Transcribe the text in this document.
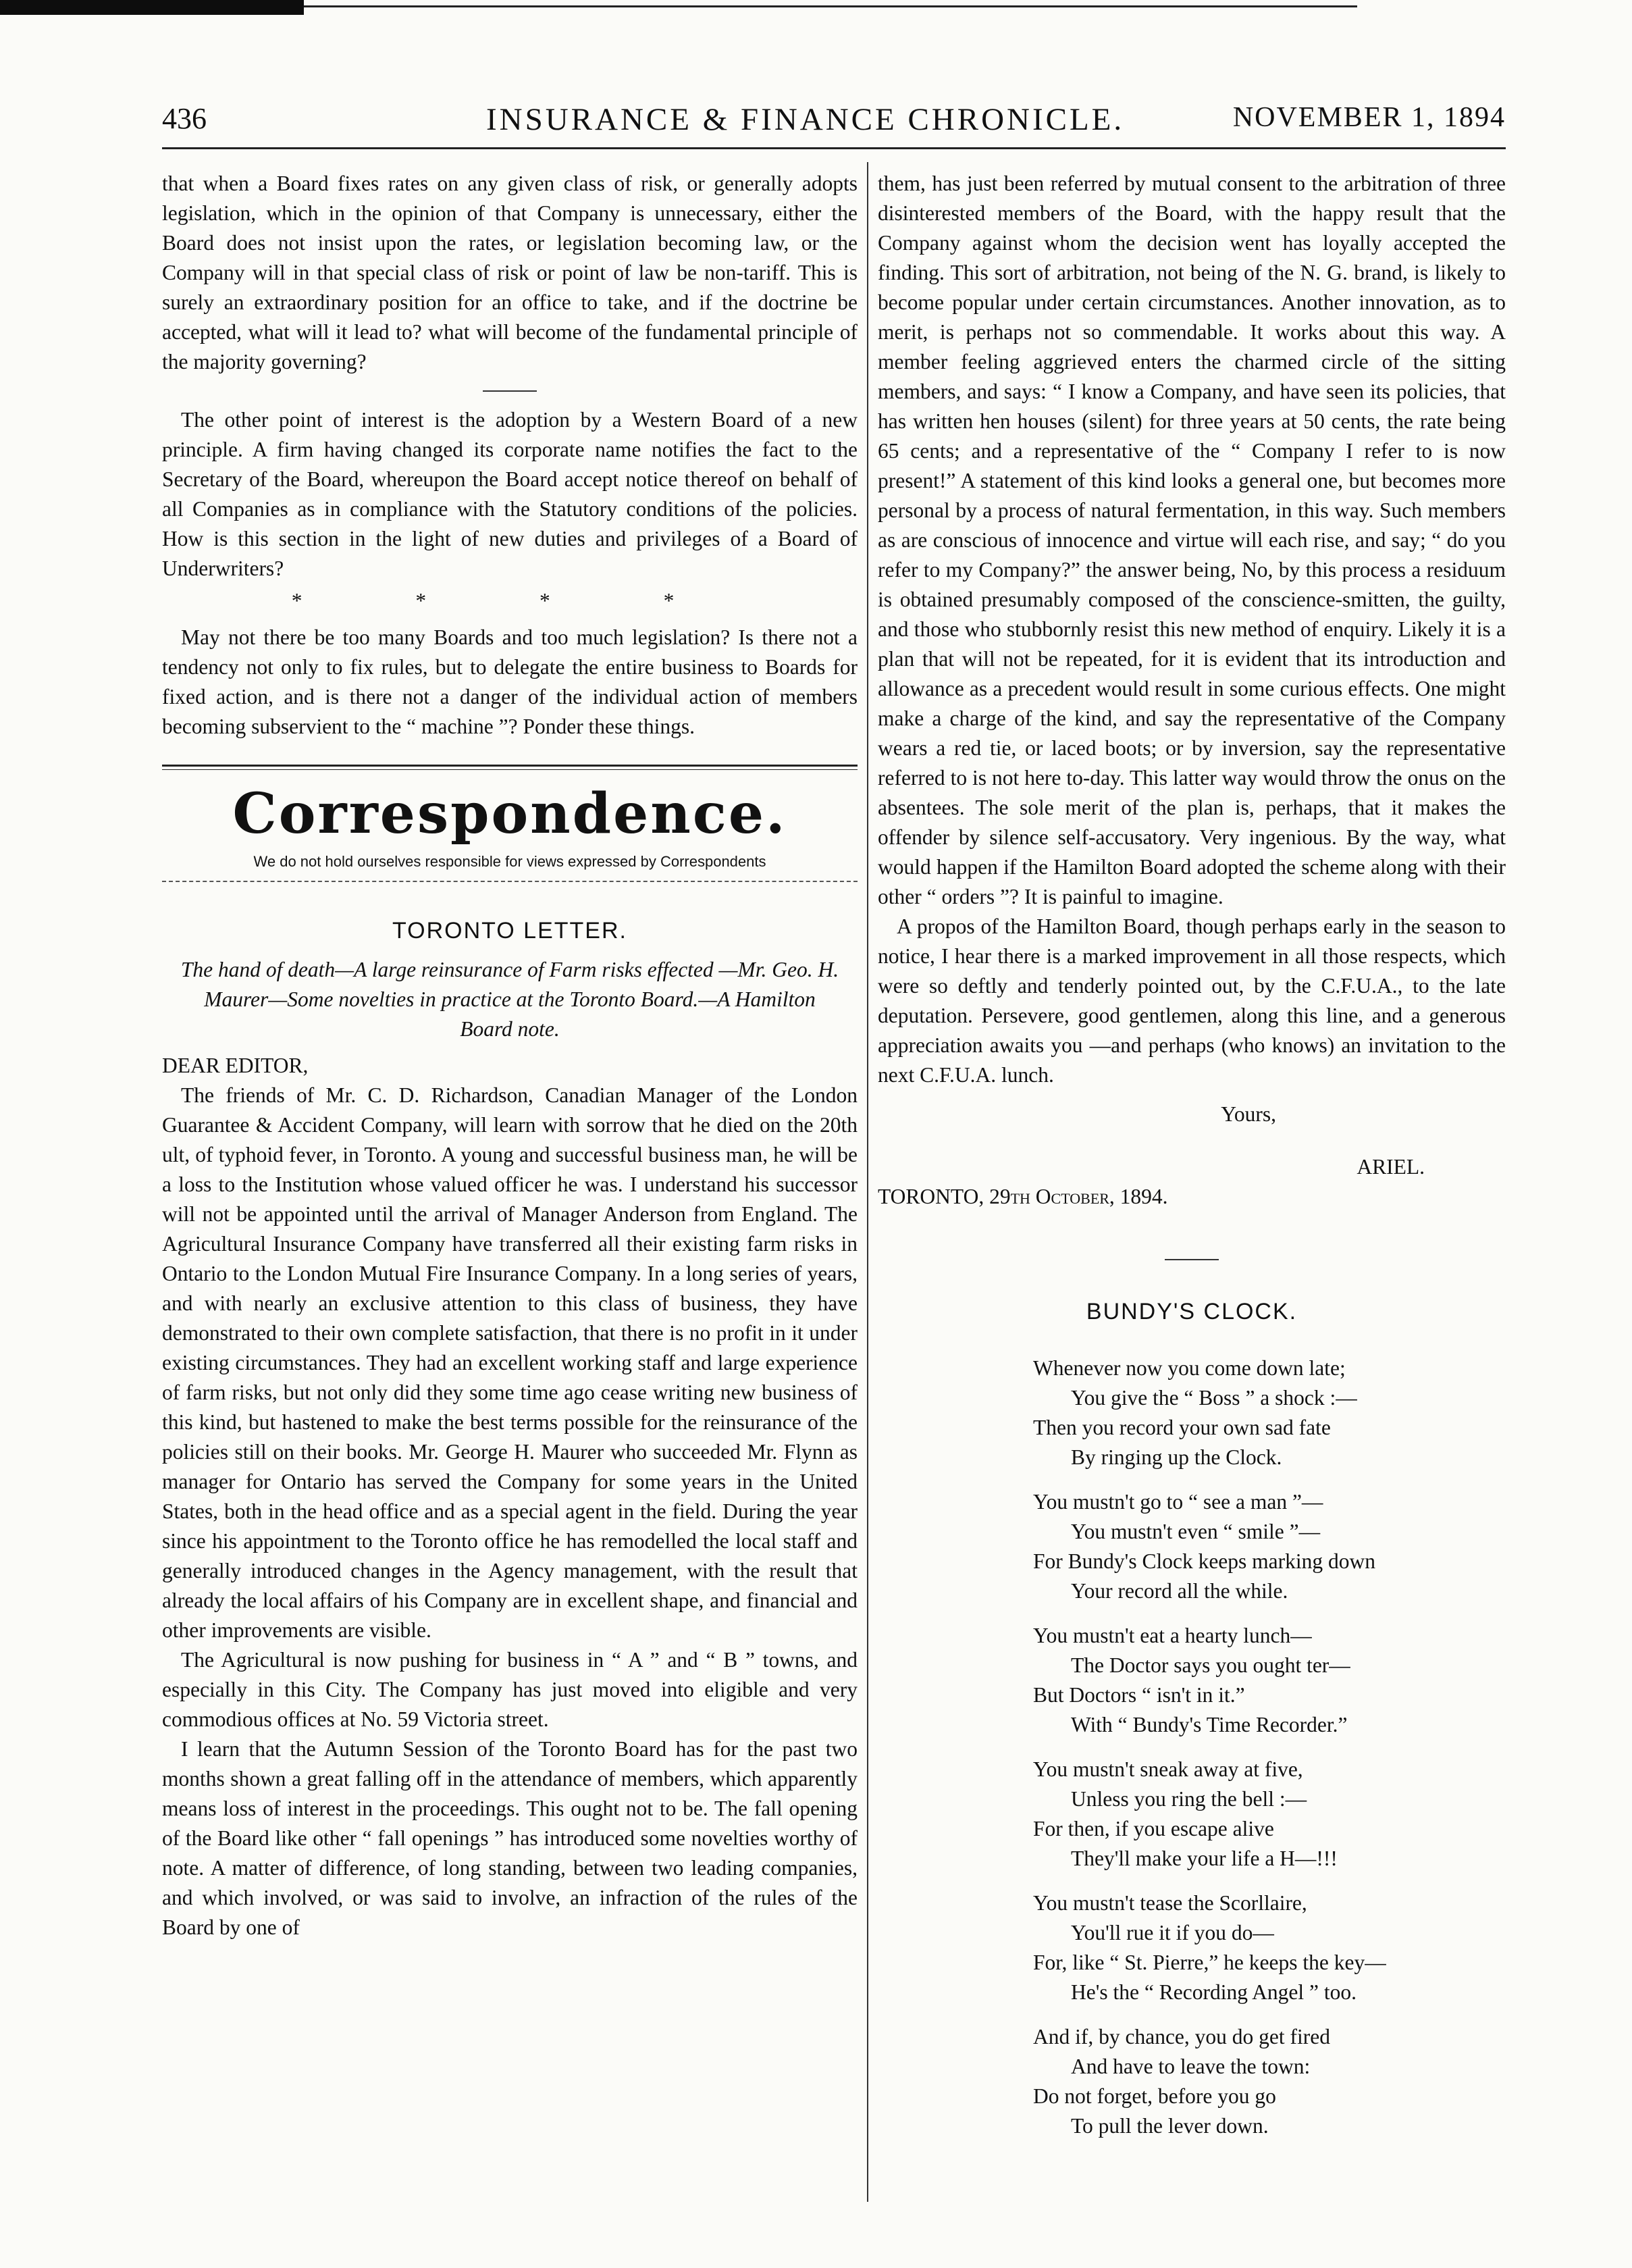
436	INSURANCE & FINANCE CHRONICLE.	NOVEMBER 1, 1894

that when a Board fixes rates on any given class of risk, or generally adopts legislation, which in the opinion of that Company is unnecessary, either the Board does not insist upon the rates, or legislation becoming law, or the Company will in that special class of risk or point of law be non-tariff. This is surely an extraordinary position for an office to take, and if the doctrine be accepted, what will it lead to? what will become of the fundamental principle of the majority governing?

The other point of interest is the adoption by a Western Board of a new principle. A firm having changed its corporate name notifies the fact to the Secretary of the Board, whereupon the Board accept notice thereof on behalf of all Companies as in compliance with the Statutory conditions of the policies. How is this section in the light of new duties and privileges of a Board of Underwriters?

* * * *

May not there be too many Boards and too much legislation? Is there not a tendency not only to fix rules, but to delegate the entire business to Boards for fixed action, and is there not a danger of the individual action of members becoming subservient to the “ machine ”? Ponder these things.

Correspondence.
We do not hold ourselves responsible for views expressed by Correspondents
TORONTO LETTER.
The hand of death—A large reinsurance of Farm risks effected —Mr. Geo. H. Maurer—Some novelties in practice at the Toronto Board.—A Hamilton Board note.

DEAR EDITOR,

The friends of Mr. C. D. Richardson, Canadian Manager of the London Guarantee & Accident Company, will learn with sorrow that he died on the 20th ult, of typhoid fever, in Toronto. A young and successful business man, he will be a loss to the Institution whose valued officer he was. I understand his successor will not be appointed until the arrival of Manager Anderson from England. The Agricultural Insurance Company have transferred all their existing farm risks in Ontario to the London Mutual Fire Insurance Company. In a long series of years, and with nearly an exclusive attention to this class of business, they have demonstrated to their own complete satisfaction, that there is no profit in it under existing circumstances. They had an excellent working staff and large experience of farm risks, but not only did they some time ago cease writing new business of this kind, but hastened to make the best terms possible for the reinsurance of the policies still on their books. Mr. George H. Maurer who succeeded Mr. Flynn as manager for Ontario has served the Company for some years in the United States, both in the head office and as a special agent in the field. During the year since his appointment to the Toronto office he has remodelled the local staff and generally introduced changes in the Agency management, with the result that already the local affairs of his Company are in excellent shape, and financial and other improvements are visible.

The Agricultural is now pushing for business in “ A ” and “ B ” towns, and especially in this City. The Company has just moved into eligible and very commodious offices at No. 59 Victoria street.

I learn that the Autumn Session of the Toronto Board has for the past two months shown a great falling off in the attendance of members, which apparently means loss of interest in the proceedings. This ought not to be. The fall opening of the Board like other “ fall openings ” has introduced some novelties worthy of note. A matter of difference, of long standing, between two leading companies, and which involved, or was said to involve, an infraction of the rules of the Board by one of

them, has just been referred by mutual consent to the arbitration of three disinterested members of the Board, with the happy result that the Company against whom the decision went has loyally accepted the finding. This sort of arbitration, not being of the N. G. brand, is likely to become popular under certain circumstances. Another innovation, as to merit, is perhaps not so commendable. It works about this way. A member feeling aggrieved enters the charmed circle of the sitting members, and says: “ I know a Company, and have seen its policies, that has written hen houses (silent) for three years at 50 cents, the rate being 65 cents; and a representative of the “ Company I refer to is now present!” A statement of this kind looks a general one, but becomes more personal by a process of natural fermentation, in this way. Such members as are conscious of innocence and virtue will each rise, and say; “ do you refer to my Company?” the answer being, No, by this process a residuum is obtained presumably composed of the conscience-smitten, the guilty, and those who stubbornly resist this new method of enquiry. Likely it is a plan that will not be repeated, for it is evident that its introduction and allowance as a precedent would result in some curious effects. One might make a charge of the kind, and say the representative of the Company wears a red tie, or laced boots; or by inversion, say the representative referred to is not here to-day. This latter way would throw the onus on the absentees. The sole merit of the plan is, perhaps, that it makes the offender by silence self-accusatory. Very ingenious. By the way, what would happen if the Hamilton Board adopted the scheme along with their other “ orders ”? It is painful to imagine.

A propos of the Hamilton Board, though perhaps early in the season to notice, I hear there is a marked improvement in all those respects, which were so deftly and tenderly pointed out, by the C.F.U.A., to the late deputation. Persevere, good gentlemen, along this line, and a generous appreciation awaits you —and perhaps (who knows) an invitation to the next C.F.U.A. lunch.

Yours,
ARIEL.

TORONTO, 29th October, 1894.

BUNDY'S CLOCK.
Whenever now you come down late;
You give the “ Boss ” a shock :—
Then you record your own sad fate
By ringing up the Clock.
You mustn't go to “ see a man ”—
You mustn't even “ smile ”—
For Bundy's Clock keeps marking down
Your record all the while.
You mustn't eat a hearty lunch—
The Doctor says you ought ter—
But Doctors “ isn't in it.”
With “ Bundy's Time Recorder.”
You mustn't sneak away at five,
Unless you ring the bell :—
For then, if you escape alive
They'll make your life a H—!!!
You mustn't tease the Scorllaire,
You'll rue it if you do—
For, like “ St. Pierre,” he keeps the key—
He's the “ Recording Angel ” too.
And if, by chance, you do get fired
And have to leave the town:
Do not forget, before you go
To pull the lever down.
